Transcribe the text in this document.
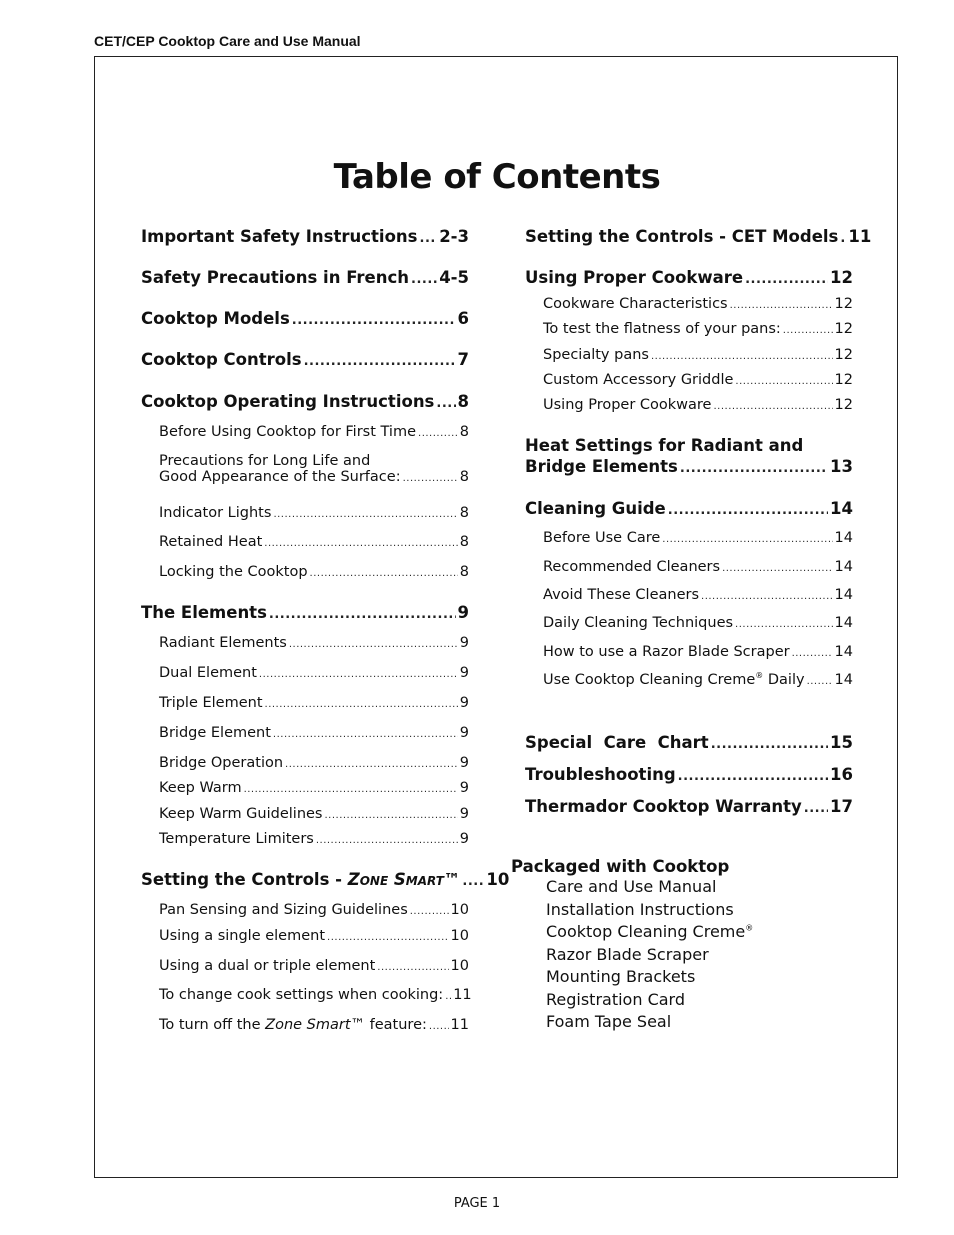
CET/CEP Cooktop Care and Use Manual
Table of Contents
Important Safety Instructions ..... 2-3
Safety Precautions in French ..... 4-5
Cooktop Models .....	6
Cooktop Controls .....	7
Cooktop Operating Instructions ..... 8
Before Using Cooktop for First Time .....	8
Precautions for Long Life and
Good Appearance of the Surface: .....	8
Indicator Lights .....	8
Retained Heat .....	8
Locking the Cooktop .....	8
The Elements .....	9
Radiant Elements .....	9
Dual Element .....	9
Triple Element .....	9
Bridge Element .....	9
Bridge Operation .....	9
Keep Warm .....	9
Keep Warm Guidelines .....	9
Temperature Limiters .....	9
Setting the Controls - Zone Smart™ ..... 10
Pan Sensing and Sizing Guidelines .....	10
Using a single element .....	10
Using a dual or triple element .....	10
To change cook settings when cooking: ..... 11
To turn off the Zone Smart™ feature: ..... 11
Setting the Controls - CET Models ..... 11
Using Proper Cookware .....	12
Cookware Characteristics .....	12
To test the flatness of your pans: .....	12
Specialty pans .....	12
Custom Accessory Griddle .....	12
Using Proper Cookware .....	12
Heat Settings for Radiant and
Bridge Elements .....	13
Cleaning Guide .....	14
Before Use Care .....	14
Recommended Cleaners .....	14
Avoid These Cleaners .....	14
Daily Cleaning Techniques .....	14
How to use a Razor Blade Scraper .....	14
Use Cooktop Cleaning Creme® Daily ..... 14
Special  Care  Chart .....	15
Troubleshooting .....	16
Thermador Cooktop Warranty ..... 17
Packaged with Cooktop
Care and Use Manual
Installation Instructions
Cooktop Cleaning Creme®
Razor Blade Scraper
Mounting Brackets
Registration Card
Foam Tape Seal
PAGE 1
